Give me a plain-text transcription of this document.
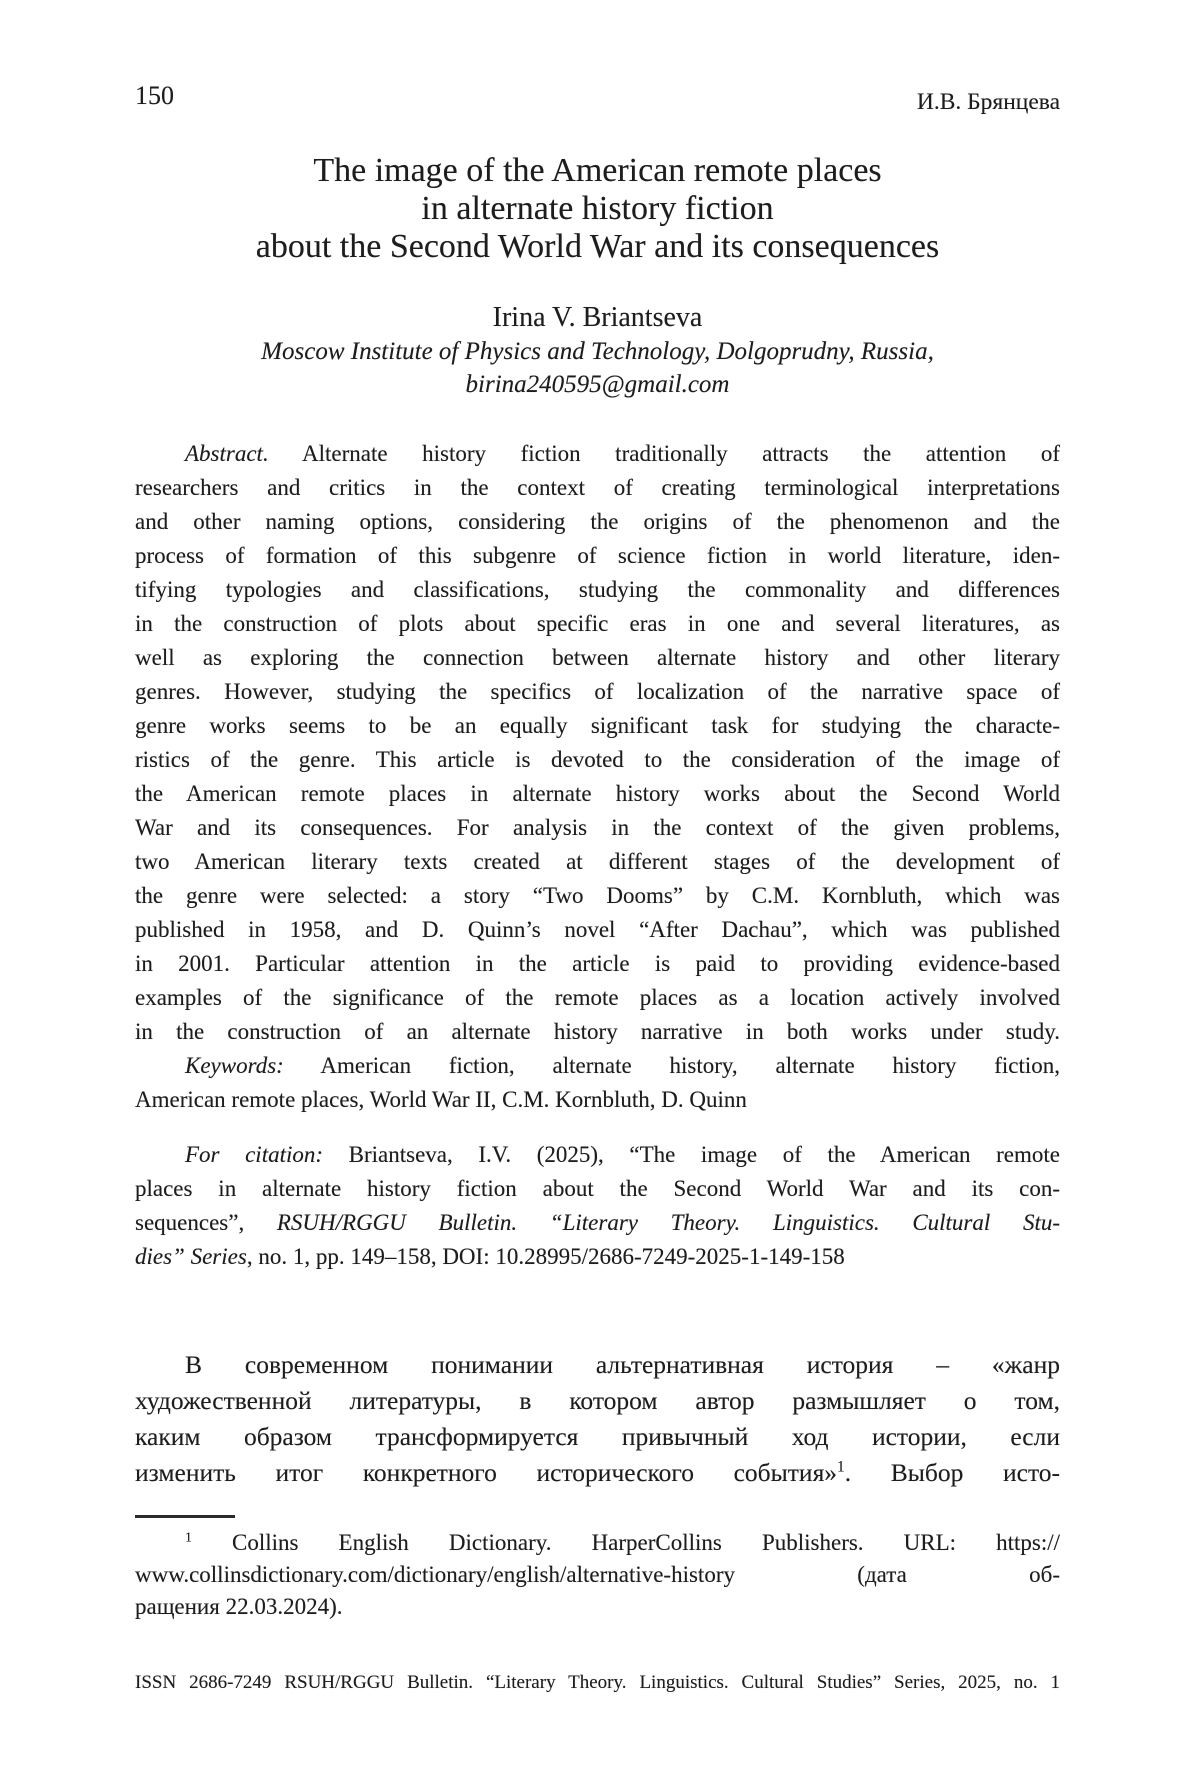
150	И.В. Брянцева
The image of the American remote places
in alternate history fiction
about the Second World War and its consequences
Irina V. Briantseva
Moscow Institute of Physics and Technology, Dolgoprudny, Russia,
birina240595@gmail.com
Abstract. Alternate history fiction traditionally attracts the attention of
researchers and critics in the context of creating terminological interpretations
and other naming options, considering the origins of the phenomenon and the
process of formation of this subgenre of science fiction in world literature, iden-
tifying typologies and classifications, studying the commonality and differences
in the construction of plots about specific eras in one and several literatures, as
well as exploring the connection between alternate history and other literary
genres. However, studying the specifics of localization of the narrative space of
genre works seems to be an equally significant task for studying the characte-
ristics of the genre. This article is devoted to the consideration of the image of
the American remote places in alternate history works about the Second World
War and its consequences. For analysis in the context of the given problems,
two American literary texts created at different stages of the development of
the genre were selected: a story “Two Dooms” by C.M. Kornbluth, which was
published in 1958, and D. Quinn’s novel “After Dachau”, which was published
in 2001. Particular attention in the article is paid to providing evidence-based
examples of the significance of the remote places as a location actively involved
in the construction of an alternate history narrative in both works under study.
Keywords: American fiction, alternate history, alternate history fiction,
American remote places, World War II, C.M. Kornbluth, D. Quinn
For citation: Briantseva, I.V. (2025), “The image of the American remote
places in alternate history fiction about the Second World War and its con-
sequences”, RSUH/RGGU Bulletin. “Literary Theory. Linguistics. Cultural Stu-
dies” Series, no. 1, pp. 149–158, DOI: 10.28995/2686-7249-2025-1-149-158
В современном понимании альтернативная история – «жанр
художественной литературы, в котором автор размышляет о том,
каким образом трансформируется привычный ход истории, если
изменить итог конкретного исторического события»$^1$. Выбор исто-
$^1$ Collins English Dictionary. HarperCollins Publishers. URL: https://
www.collinsdictionary.com/dictionary/english/alternative-history (дата об-
ращения 22.03.2024).
ISSN 2686-7249 RSUH/RGGU Bulletin. “Literary Theory. Linguistics. Cultural Studies” Series, 2025, no. 1
